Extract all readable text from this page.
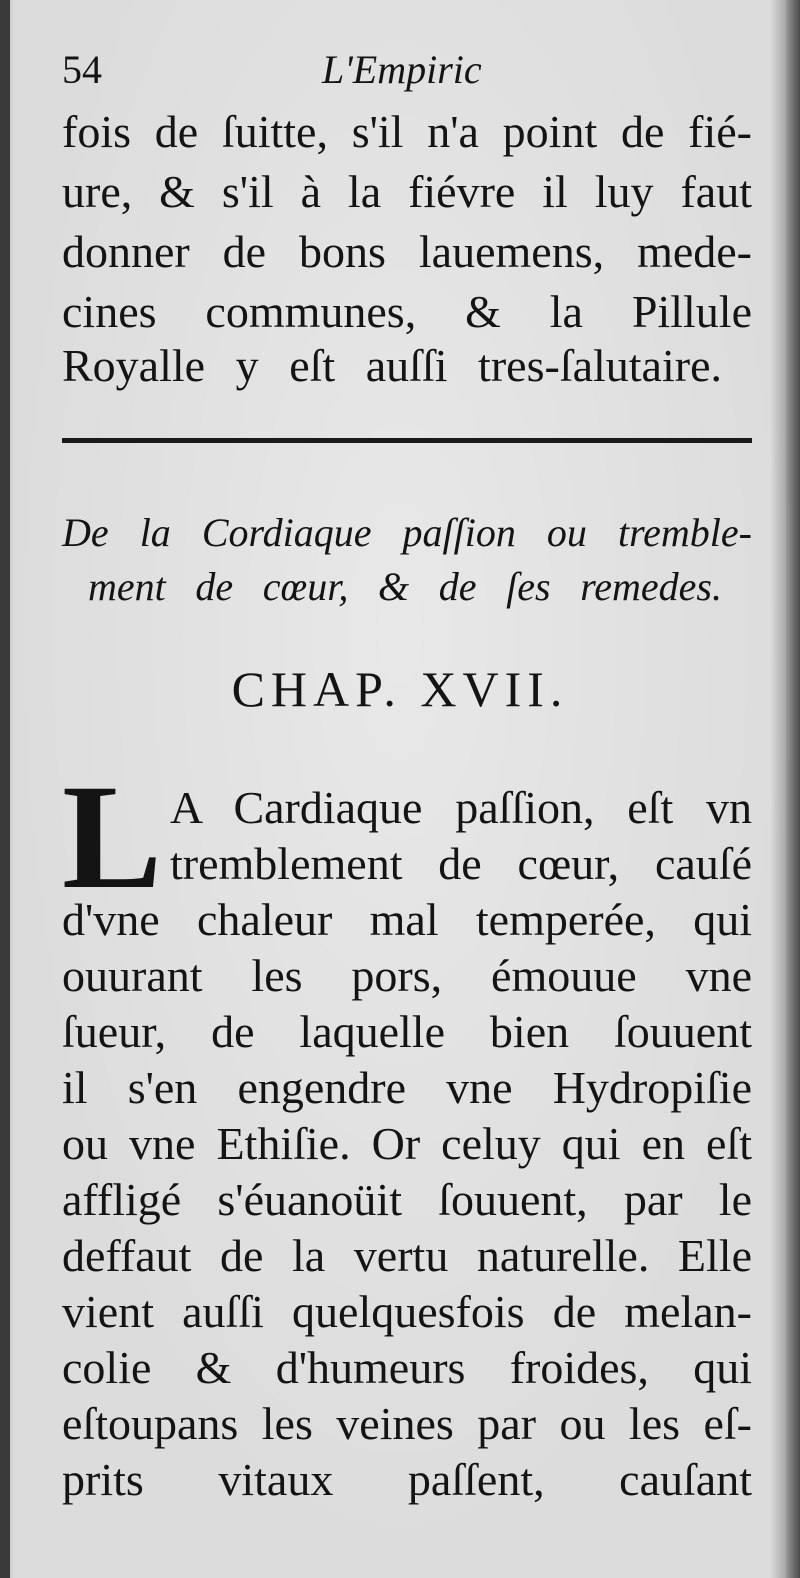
54	L'Empiric
fois de ſuitte, s'il n'a point de fié-
ure, & s'il à la fiévre il luy faut
donner de bons lauemens, mede-
cines communes, & la Pillule
Royalle y eſt auſſi tres-ſalutaire.
De la Cordiaque paſſion ou tremble-
ment de cœur, & de ſes remedes.
CHAP. XVII.
L A Cardiaque paſſion, eſt vn
tremblement de cœur, cauſé
d'vne chaleur mal temperée, qui
ouurant les pors, émouue vne
ſueur, de laquelle bien ſouuent
il s'en engendre vne Hydropiſie
ou vne Ethiſie. Or celuy qui en eſt
affligé s'éuanoüit ſouuent, par le
deffaut de la vertu naturelle. Elle
vient auſſi quelquesfois de melan-
colie & d'humeurs froides, qui
eſtoupans les veines par ou les eſ-
prits vitaux paſſent, cauſant
